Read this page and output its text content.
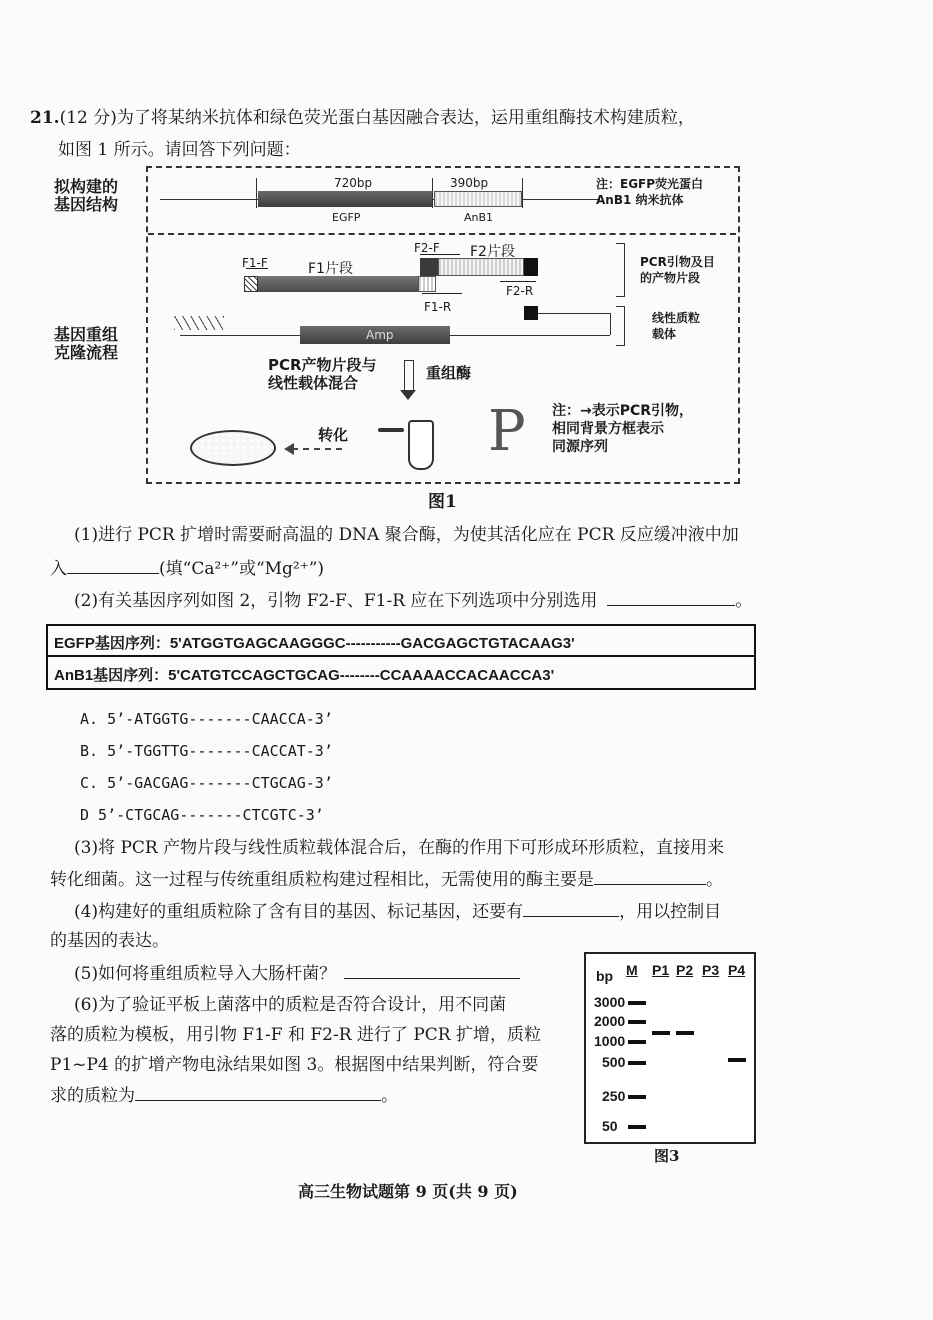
21.(12 分)为了将某纳米抗体和绿色荧光蛋白基因融合表达，运用重组酶技术构建质粒，
如图 1 所示。请回答下列问题：
拟构建的
基因结构
基因重组
克隆流程
720bp	390bp
EGFP	AnB1
注：EGFP荧光蛋白
AnB1 纳米抗体
F1-F	F1片段
F2-F F2片段
F2-R
F1-R
PCR引物及目
的产物片段
线性质粒
载体
Amp
PCR产物片段与
线性载体混合
重组酶
转化 P 注：→表示PCR引物，
相同背景方框表示
同源序列
图1
(1)进行 PCR 扩增时需要耐高温的 DNA 聚合酶，为使其活化应在 PCR 反应缓冲液中加
入	(填“Ca²⁺”或“Mg²⁺”)
(2)有关基因序列如图 2，引物 F2-F、F1-R 应在下列选项中分别选用	。
EGFP基因序列：5'ATGGTGAGCAAGGGC-----------GACGAGCTGTACAAG3'
AnB1基因序列：5'CATGTCCAGCTGCAG--------CCAAAACCACAACCA3'
A. 5’-ATGGTG-------CAACCA-3’
B. 5’-TGGTTG-------CACCAT-3’
C. 5’-GACGAG-------CTGCAG-3’
D 5’-CTGCAG-------CTCGTC-3’
(3)将 PCR 产物片段与线性质粒载体混合后，在酶的作用下可形成环形质粒，直接用来
转化细菌。这一过程与传统重组质粒构建过程相比，无需使用的酶主要是	。
(4)构建好的重组质粒除了含有目的基因、标记基因，还要有	，用以控制目
的基因的表达。
(5)如何将重组质粒导入大肠杆菌？
(6)为了验证平板上菌落中的质粒是否符合设计，用不同菌
落的质粒为模板，用引物 F1-F 和 F2-R 进行了 PCR 扩增，质粒
P1~P4 的扩增产物电泳结果如图 3。根据图中结果判断，符合要
求的质粒为	。
bp M P1 P2 P3 P4
3000
2000
1000
500
250
50
图3
高三生物试题第 9 页(共 9 页)
